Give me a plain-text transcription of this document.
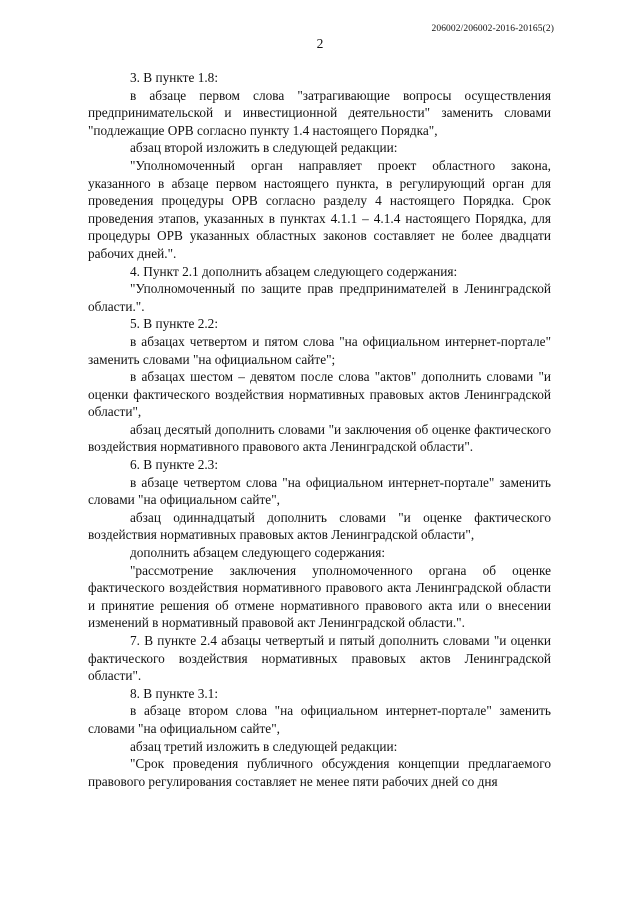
206002/206002-2016-20165(2)
2

3. В пункте 1.8:

в абзаце первом слова "затрагивающие вопросы осуществления предпринимательской и инвестиционной деятельности" заменить словами "подлежащие ОРВ согласно пункту 1.4 настоящего Порядка",

абзац второй изложить в следующей редакции:

"Уполномоченный орган направляет проект областного закона, указанного в абзаце первом настоящего пункта, в регулирующий орган для проведения процедуры ОРВ согласно разделу 4 настоящего Порядка. Срок проведения этапов, указанных в пунктах 4.1.1 – 4.1.4 настоящего Порядка, для процедуры ОРВ указанных областных законов составляет не более двадцати рабочих дней.".

4. Пункт 2.1 дополнить абзацем следующего содержания:

"Уполномоченный по защите прав предпринимателей в Ленинградской области.".

5. В пункте 2.2:

в абзацах четвертом и пятом слова "на официальном интернет-портале" заменить словами "на официальном сайте";

в абзацах шестом – девятом после слова "актов" дополнить словами "и оценки фактического воздействия нормативных правовых актов Ленинградской области",

абзац десятый дополнить словами "и заключения об оценке фактического воздействия нормативного правового акта Ленинградской области".

6. В пункте 2.3:

в абзаце четвертом слова "на официальном интернет-портале" заменить словами "на официальном сайте",

абзац одиннадцатый дополнить словами "и оценке фактического воздействия нормативных правовых актов Ленинградской области",

дополнить абзацем следующего содержания:

"рассмотрение заключения уполномоченного органа об оценке фактического воздействия нормативного правового акта Ленинградской области и принятие решения об отмене нормативного правового акта или о внесении изменений в нормативный правовой акт Ленинградской области.".

7. В пункте 2.4 абзацы четвертый и пятый дополнить словами "и оценки фактического воздействия нормативных правовых актов Ленинградской области".

8. В пункте 3.1:

в абзаце втором слова "на официальном интернет-портале" заменить словами "на официальном сайте",

абзац третий изложить в следующей редакции:

"Срок проведения публичного обсуждения концепции предлагаемого правового регулирования составляет не менее пяти рабочих дней со дня
